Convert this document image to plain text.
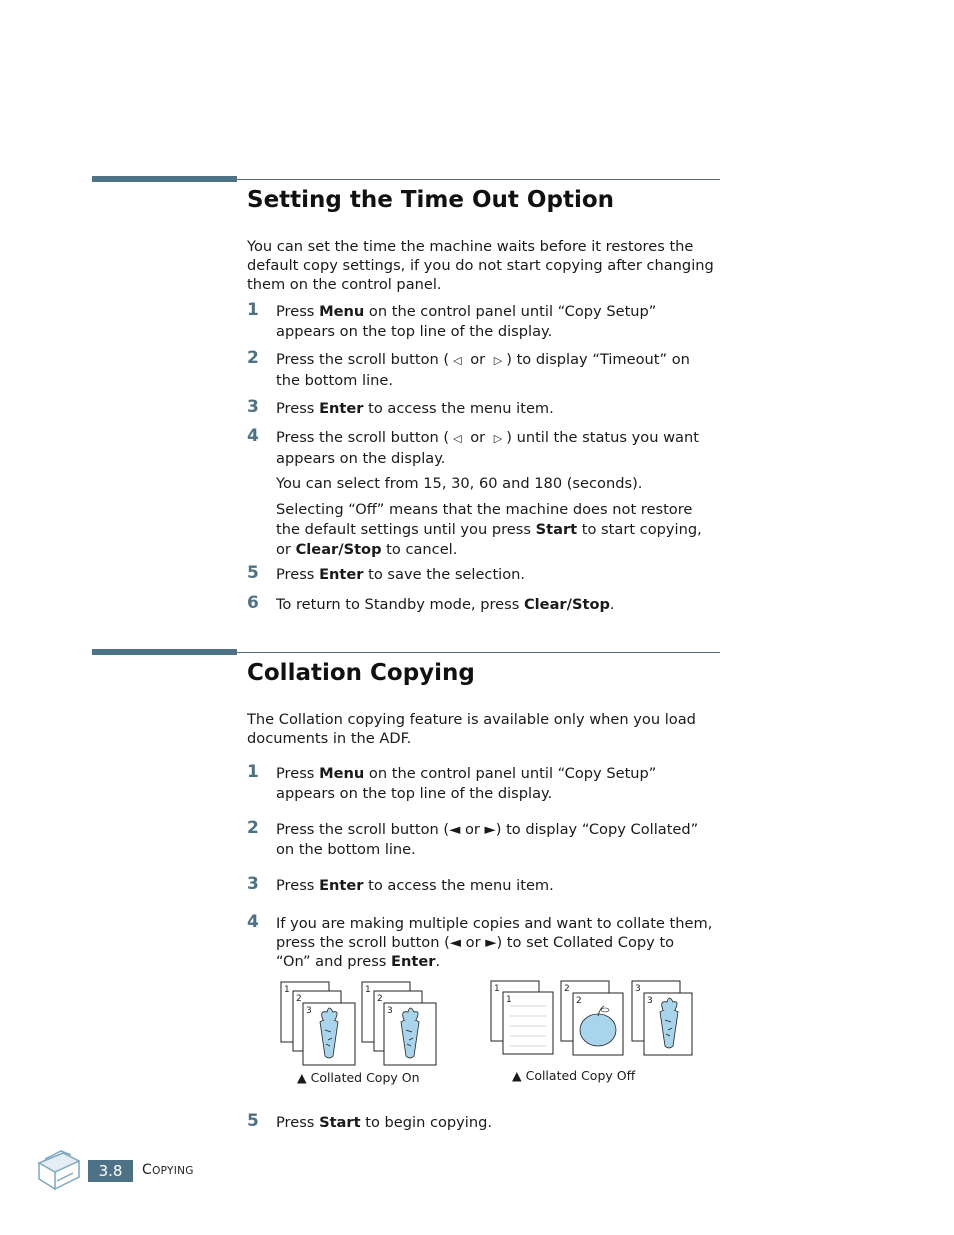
Setting the Time Out Option
You can set the time the machine waits before it restores the
default copy settings, if you do not start copying after changing
them on the control panel.
1 Press Menu on the control panel until “Copy Setup”
appears on the top line of the display.
2 Press the scroll button ( ◁ or ▷ ) to display “Timeout” on
the bottom line.
3 Press Enter to access the menu item.
4 Press the scroll button ( ◁ or ▷ ) until the status you want
appears on the display.
You can select from 15, 30, 60 and 180 (seconds).
Selecting “Off” means that the machine does not restore
the default settings until you press Start to start copying,
or Clear/Stop to cancel.
5 Press Enter to save the selection.
6 To return to Standby mode, press Clear/Stop.
Collation Copying
The Collation copying feature is available only when you load
documents in the ADF.
1 Press Menu on the control panel until “Copy Setup”
appears on the top line of the display.
2 Press the scroll button (◄ or ►) to display “Copy Collated”
on the bottom line.
3 Press Enter to access the menu item.
4 If you are making multiple copies and want to collate them,
press the scroll button (◄ or ►) to set Collated Copy to
“On” and press Enter.
1
2
3
1
2
3
1
1
2
2
3
3
▲ Collated Copy On	▲ Collated Copy Off
5 Press Start to begin copying.
3.8	COPYING
